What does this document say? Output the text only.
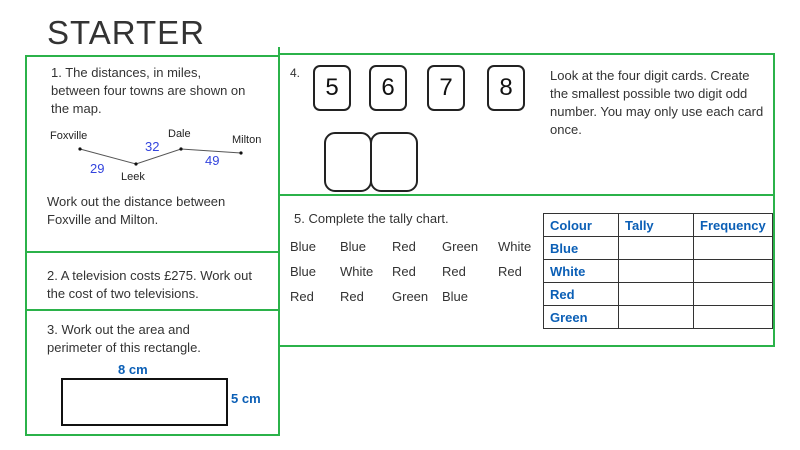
STARTER
1. The distances, in miles, between four towns are shown on the map.
Foxville
Leek
Dale	Milton
29
32
49
Work out the distance between Foxville and Milton.
2. A television costs £275. Work out the cost of two televisions.
3. Work out the area and perimeter of this rectangle.
8 cm
5 cm
4.
5	6	7	8	Look at the four digit cards. Create the smallest possible two digit odd number. You may only use each card once.
5. Complete the tally chart.
Blue Blue Red Green White
Blue White Red Red Red
Red Red Green Blue
Colour	Tally	Frequency
Blue		
White		
Red		
Green		
